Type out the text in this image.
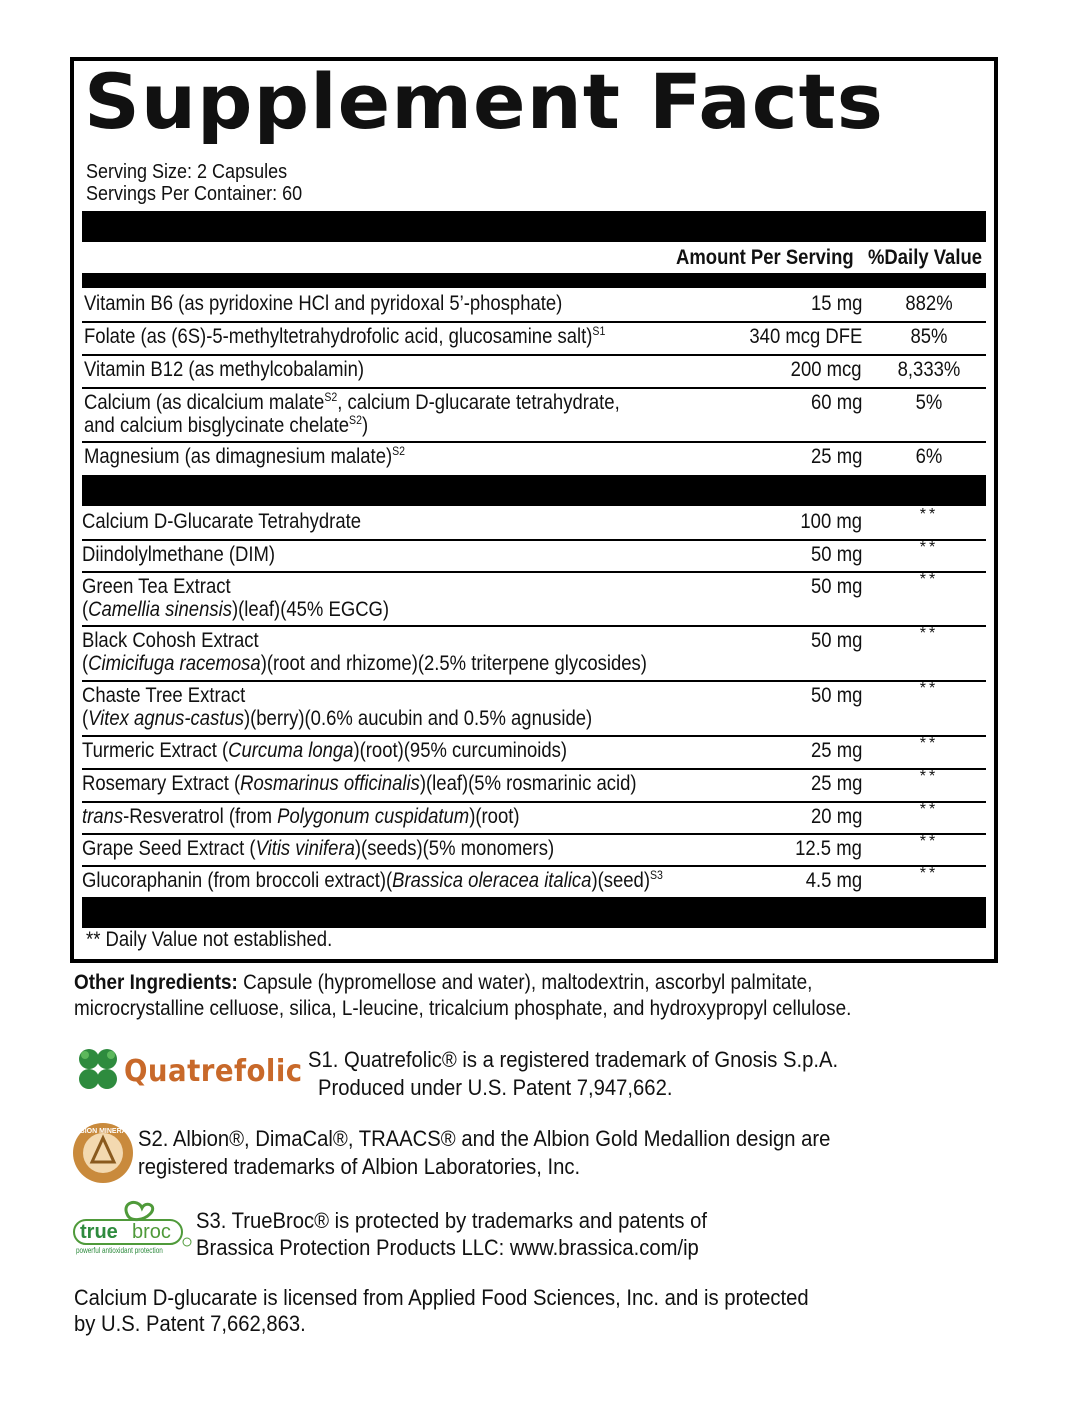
Supplement Facts
Serving Size: 2 Capsules
Servings Per Container: 60
Amount Per Serving %Daily Value
Vitamin B6 (as pyridoxine HCl and pyridoxal 5’-phosphate)	15 mg	882%
Folate (as (6S)-5-methyltetrahydrofolic acid, glucosamine salt)$^{S1}$	340 mcg DFE	85%
Vitamin B12 (as methylcobalamin)	200 mcg	8,333%
Calcium (as dicalcium malate$^{S2}$, calcium D-glucarate tetrahydrate,
and calcium bisglycinate chelate$^{S2}$)
60 mg	5%
Magnesium (as dimagnesium malate)$^{S2}$	25 mg	6%
Calcium D-Glucarate Tetrahydrate	100 mg	**
Diindolylmethane (DIM)	50 mg	**
Green Tea Extract
(Camellia sinensis)(leaf)(45% EGCG)
50 mg	**
Black Cohosh Extract
(Cimicifuga racemosa)(root and rhizome)(2.5% triterpene glycosides)
50 mg	**
Chaste Tree Extract
(Vitex agnus-castus)(berry)(0.6% aucubin and 0.5% agnuside)
50 mg	**
Turmeric Extract (Curcuma longa)(root)(95% curcuminoids)	25 mg	**
Rosemary Extract (Rosmarinus officinalis)(leaf)(5% rosmarinic acid)	25 mg	**
trans-Resveratrol (from Polygonum cuspidatum)(root)	20 mg	**
Grape Seed Extract (Vitis vinifera)(seeds)(5% monomers)	12.5 mg	**
Glucoraphanin (from broccoli extract)(Brassica oleracea italica)(seed)$^{S3}$	4.5 mg	**
** Daily Value not established.
Other Ingredients: Capsule (hypromellose and water), maltodextrin, ascorbyl palmitate,
microcrystalline celluose, silica, L-leucine, tricalcium phosphate, and hydroxypropyl cellulose.
Quatrefolic S1. Quatrefolic® is a registered trademark of Gnosis S.p.A.
Produced under U.S. Patent 7,947,662.
ALBION MINERALS S2. Albion®, DimaCal®, TRAACS® and the Albion Gold Medallion design are
registered trademarks of Albion Laboratories, Inc.
true broc
powerful antioxidant protection
S3. TrueBroc® is protected by trademarks and patents of
Brassica Protection Products LLC: www.brassica.com/ip
Calcium D-glucarate is licensed from Applied Food Sciences, Inc. and is protected
by U.S. Patent 7,662,863.
